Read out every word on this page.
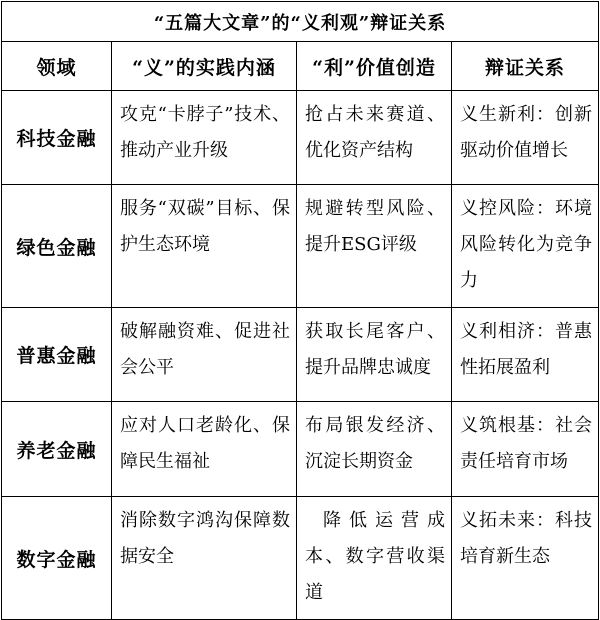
“五篇大文章”的“义利观”辩证关系			
领域	“义”的实践内涵	“利”价值创造	辩证关系
科技金融	攻克“卡脖子”技术、推动产业升级	抢占未来赛道、优化资产结构	义生新利：创新驱动价值增长
绿色金融	服务“双碳”目标、保护生态环境	规避转型风险、提升ESG评级	义控风险：环境风险转化为竞争力
普惠金融	破解融资难、促进社会公平	获取长尾客户、提升品牌忠诚度	义利相济：普惠性拓展盈利
养老金融	应对人口老龄化、保障民生福祉	布局银发经济、沉淀长期资金	义筑根基：社会责任培育市场
数字金融	消除数字鸿沟保障数据安全	降低运营成本、数字营收渠道	义拓未来：科技培育新生态
